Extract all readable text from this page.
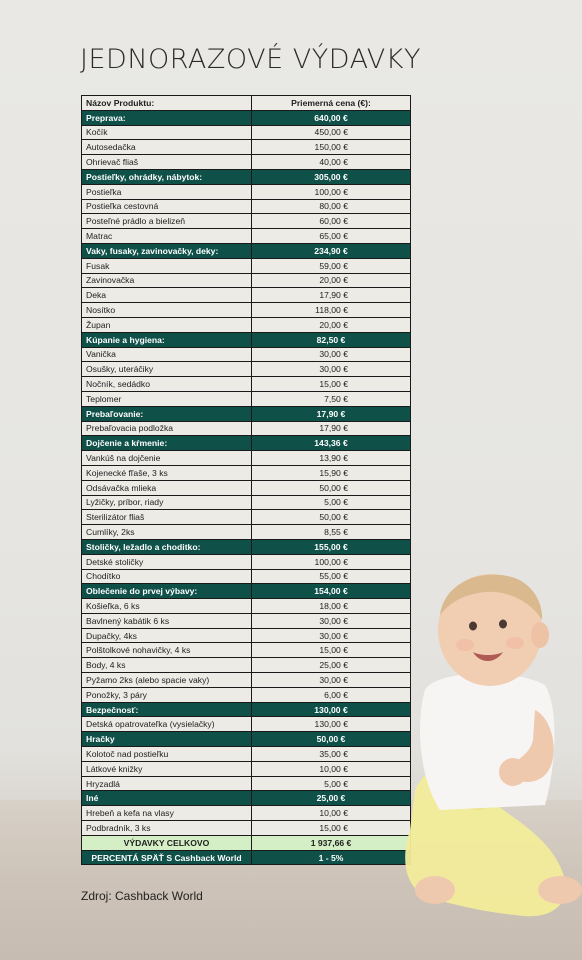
JEDNORAZOVÉ VÝDAVKY
Názov Produktu:	Priemerná cena (€):
Preprava:	640,00 €
Kočík	450,00 €
Autosedačka	150,00 €
Ohrievač fliaš	40,00 €
Postieľky, ohrádky, nábytok:	305,00 €
Postieľka	100,00 €
Postieľka cestovná	80,00 €
Posteľné prádlo a bielizeň	60,00 €
Matrac	65,00 €
Vaky, fusaky, zavinovačky, deky:	234,90 €
Fusak	59,00 €
Zavinovačka	20,00 €
Deka	17,90 €
Nosítko	118,00 €
Župan	20,00 €
Kúpanie a hygiena:	82,50 €
Vanička	30,00 €
Osušky, uteráčiky	30,00 €
Nočník, sedádko	15,00 €
Teplomer	7,50 €
Prebaľovanie:	17,90 €
Prebaľovacia podložka	17,90 €
Dojčenie a kŕmenie:	143,36 €
Vankúš na dojčenie	13,90 €
Kojenecké fľaše, 3 ks	15,90 €
Odsávačka mlieka	50,00 €
Lyžičky, príbor, riady	5,00 €
Sterilizátor fliaš	50,00 €
Cumlíky, 2ks	8,55 €
Stoličky, ležadlo a choditko:	155,00 €
Detské stoličky	100,00 €
Chodítko	55,00 €
Oblečenie do prvej výbavy:	154,00 €
Košieľka, 6 ks	18,00 €
Bavlnený kabátik 6 ks	30,00 €
Dupačky, 4ks	30,00 €
Polštolkové nohavičky, 4 ks	15,00 €
Body, 4 ks	25,00 €
Pyžamo 2ks (alebo spacie vaky)	30,00 €
Ponožky, 3 páry	6,00 €
Bezpečnosť:	130,00 €
Detská opatrovateľka (vysielačky)	130,00 €
Hračky	50,00 €
Kolotoč nad postieľku	35,00 €
Látkové knižky	10,00 €
Hryzadlá	5,00 €
Iné	25,00 €
Hrebeň a kefa na vlasy	10,00 €
Podbradník, 3 ks	15,00 €
VÝDAVKY CELKOVO	1 937,66 €
PERCENTÁ SPÄŤ S Cashback World	1 - 5%
Zdroj: Cashback World
